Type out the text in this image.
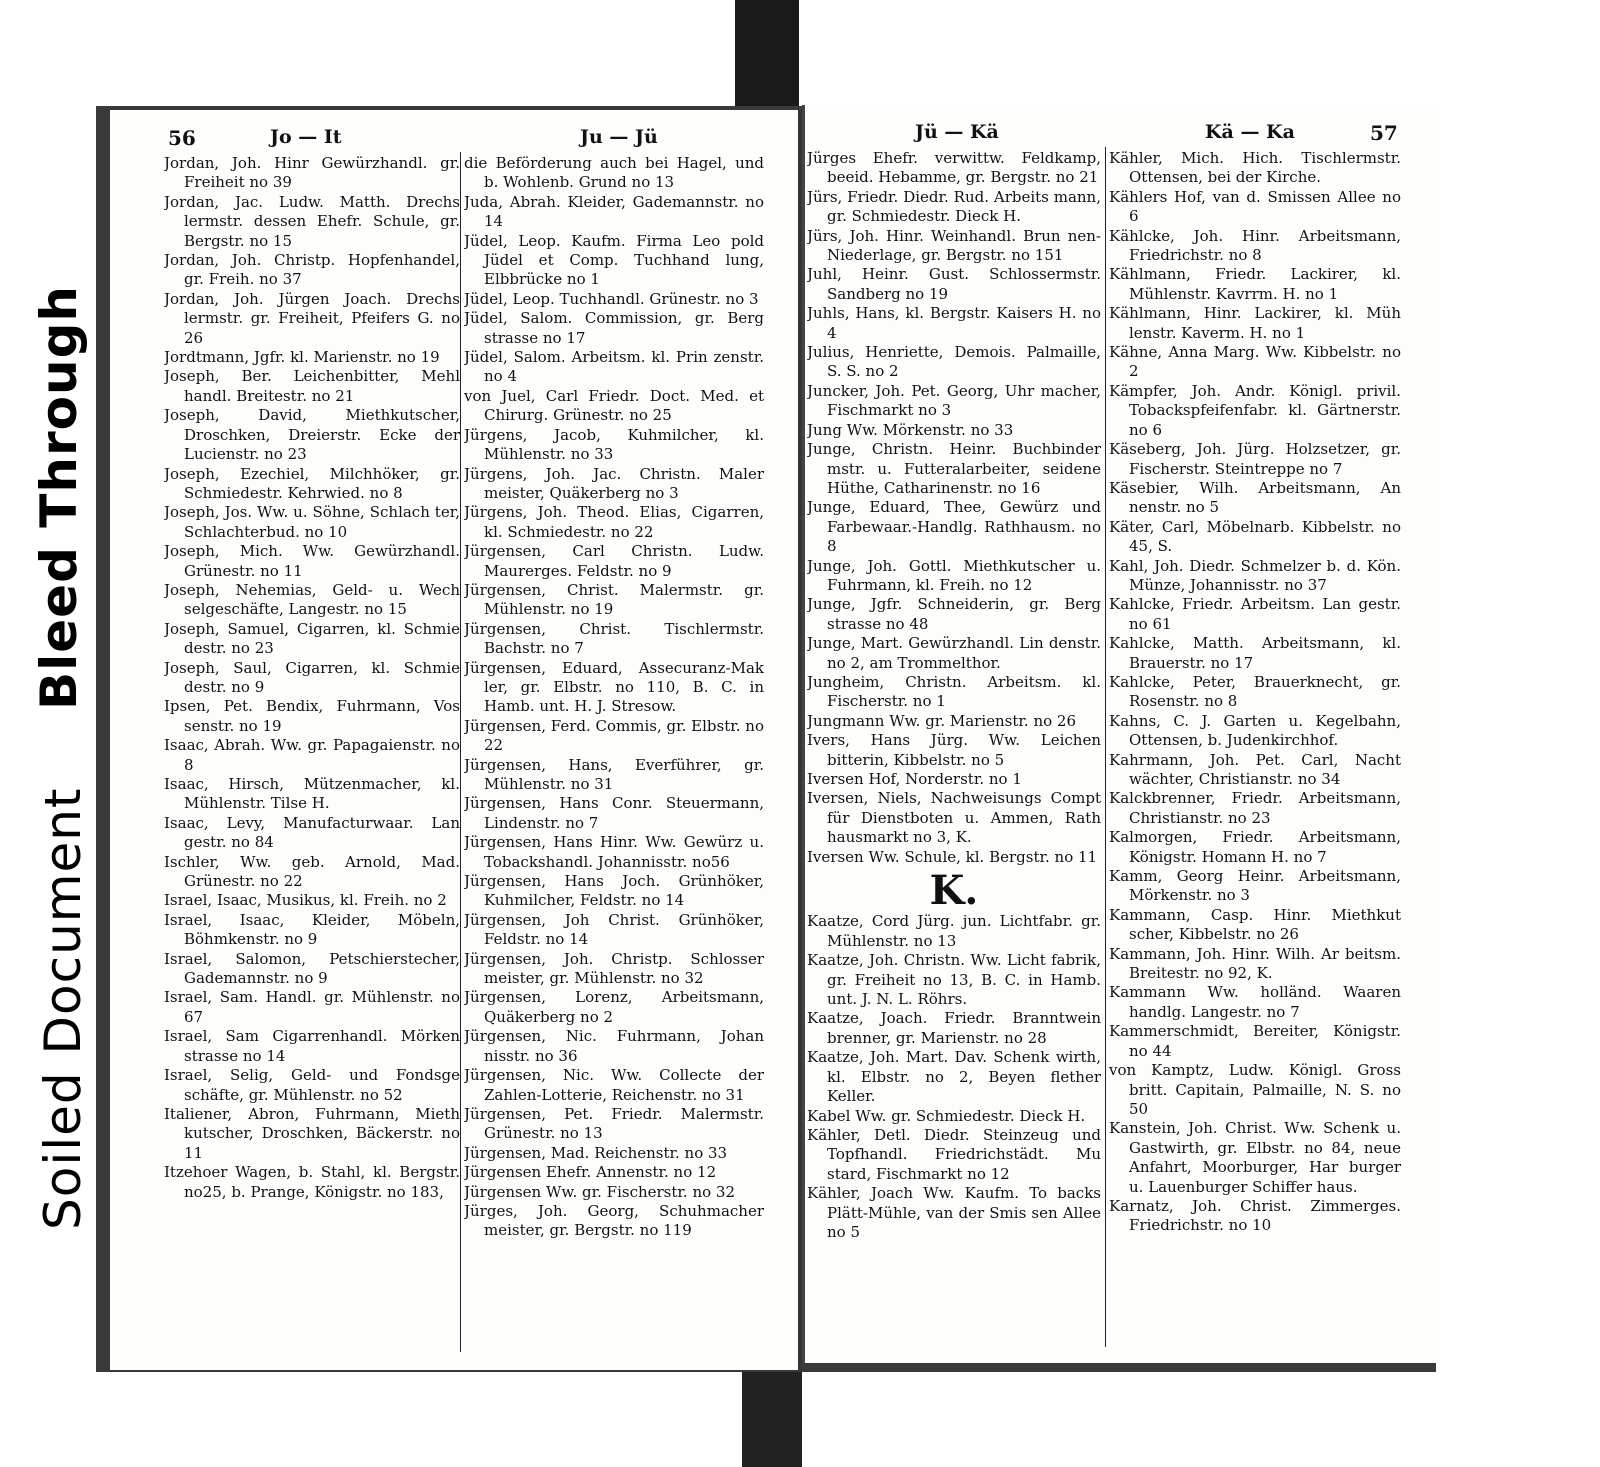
Bleed Through
Soiled Document
56	Jo — It	Ju — Jü
Jordan, Joh. Hinr Gewürzhandl. gr. Freiheit no 39
Jordan, Jac. Ludw. Matth. Drechs lermstr. dessen Ehefr. Schule, gr. Bergstr. no 15
Jordan, Joh. Christp. Hopfenhandel, gr. Freih. no 37
Jordan, Joh. Jürgen Joach. Drechs lermstr. gr. Freiheit, Pfeifers G. no 26
Jordtmann, Jgfr. kl. Marienstr. no 19
Joseph, Ber. Leichenbitter, Mehl handl. Breitestr. no 21
Joseph, David, Miethkutscher, Droschken, Dreierstr. Ecke der Lucienstr. no 23
Joseph, Ezechiel, Milchhöker, gr. Schmiedestr. Kehrwied. no 8
Joseph, Jos. Ww. u. Söhne, Schlach ter, Schlachterbud. no 10
Joseph, Mich. Ww. Gewürzhandl. Grünestr. no 11
Joseph, Nehemias, Geld- u. Wech selgeschäfte, Langestr. no 15
Joseph, Samuel, Cigarren, kl. Schmie destr. no 23
Joseph, Saul, Cigarren, kl. Schmie destr. no 9
Ipsen, Pet. Bendix, Fuhrmann, Vos senstr. no 19
Isaac, Abrah. Ww. gr. Papagaienstr. no 8
Isaac, Hirsch, Mützenmacher, kl. Mühlenstr. Tilse H.
Isaac, Levy, Manufacturwaar. Lan gestr. no 84
Ischler, Ww. geb. Arnold, Mad. Grünestr. no 22
Israel, Isaac, Musikus, kl. Freih. no 2
Israel, Isaac, Kleider, Möbeln, Böhmkenstr. no 9
Israel, Salomon, Petschierstecher, Gademannstr. no 9
Israel, Sam. Handl. gr. Mühlenstr. no 67
Israel, Sam Cigarrenhandl. Mörken strasse no 14
Israel, Selig, Geld- und Fondsge schäfte, gr. Mühlenstr. no 52
Italiener, Abron, Fuhrmann, Mieth kutscher, Droschken, Bäckerstr. no 11
Itzehoer Wagen, b. Stahl, kl. Bergstr. no25, b. Prange, Königstr. no 183,
die Beförderung auch bei Hagel, und b. Wohlenb. Grund no 13
Juda, Abrah. Kleider, Gademannstr. no 14
Jüdel, Leop. Kaufm. Firma Leo pold Jüdel et Comp. Tuchhand lung, Elbbrücke no 1
Jüdel, Leop. Tuchhandl. Grünestr. no 3
Jüdel, Salom. Commission, gr. Berg strasse no 17
Jüdel, Salom. Arbeitsm. kl. Prin zenstr. no 4
von Juel, Carl Friedr. Doct. Med. et Chirurg. Grünestr. no 25
Jürgens, Jacob, Kuhmilcher, kl. Mühlenstr. no 33
Jürgens, Joh. Jac. Christn. Maler meister, Quäkerberg no 3
Jürgens, Joh. Theod. Elias, Cigarren, kl. Schmiedestr. no 22
Jürgensen, Carl Christn. Ludw. Maurerges. Feldstr. no 9
Jürgensen, Christ. Malermstr. gr. Mühlenstr. no 19
Jürgensen, Christ. Tischlermstr. Bachstr. no 7
Jürgensen, Eduard, Assecuranz-Mak ler, gr. Elbstr. no 110, B. C. in Hamb. unt. H. J. Stresow.
Jürgensen, Ferd. Commis, gr. Elbstr. no 22
Jürgensen, Hans, Everführer, gr. Mühlenstr. no 31
Jürgensen, Hans Conr. Steuermann, Lindenstr. no 7
Jürgensen, Hans Hinr. Ww. Gewürz u. Tobackshandl. Johannisstr. no56
Jürgensen, Hans Joch. Grünhöker, Kuhmilcher, Feldstr. no 14
Jürgensen, Joh Christ. Grünhöker, Feldstr. no 14
Jürgensen, Joh. Christp. Schlosser meister, gr. Mühlenstr. no 32
Jürgensen, Lorenz, Arbeitsmann, Quäkerberg no 2
Jürgensen, Nic. Fuhrmann, Johan nisstr. no 36
Jürgensen, Nic. Ww. Collecte der Zahlen-Lotterie, Reichenstr. no 31
Jürgensen, Pet. Friedr. Malermstr. Grünestr. no 13
Jürgensen, Mad. Reichenstr. no 33
Jürgensen Ehefr. Annenstr. no 12
Jürgensen Ww. gr. Fischerstr. no 32
Jürges, Joh. Georg, Schuhmacher meister, gr. Bergstr. no 119
Jü — Kä	Kä — Ka	57
Jürges Ehefr. verwittw. Feldkamp, beeid. Hebamme, gr. Bergstr. no 21
Jürs, Friedr. Diedr. Rud. Arbeits mann, gr. Schmiedestr. Dieck H.
Jürs, Joh. Hinr. Weinhandl. Brun nen-Niederlage, gr. Bergstr. no 151
Juhl, Heinr. Gust. Schlossermstr. Sandberg no 19
Juhls, Hans, kl. Bergstr. Kaisers H. no 4
Julius, Henriette, Demois. Palmaille, S. S. no 2
Juncker, Joh. Pet. Georg, Uhr macher, Fischmarkt no 3
Jung Ww. Mörkenstr. no 33
Junge, Christn. Heinr. Buchbinder mstr. u. Futteralarbeiter, seidene Hüthe, Catharinenstr. no 16
Junge, Eduard, Thee, Gewürz und Farbewaar.-Handlg. Rathhausm. no 8
Junge, Joh. Gottl. Miethkutscher u. Fuhrmann, kl. Freih. no 12
Junge, Jgfr. Schneiderin, gr. Berg strasse no 48
Junge, Mart. Gewürzhandl. Lin denstr. no 2, am Trommelthor.
Jungheim, Christn. Arbeitsm. kl. Fischerstr. no 1
Jungmann Ww. gr. Marienstr. no 26
Ivers, Hans Jürg. Ww. Leichen bitterin, Kibbelstr. no 5
Iversen Hof, Norderstr. no 1
Iversen, Niels, Nachweisungs Compt für Dienstboten u. Ammen, Rath hausmarkt no 3, K.
Iversen Ww. Schule, kl. Bergstr. no 11
K.
Kaatze, Cord Jürg. jun. Lichtfabr. gr. Mühlenstr. no 13
Kaatze, Joh. Christn. Ww. Licht fabrik, gr. Freiheit no 13, B. C. in Hamb. unt. J. N. L. Röhrs.
Kaatze, Joach. Friedr. Branntwein brenner, gr. Marienstr. no 28
Kaatze, Joh. Mart. Dav. Schenk wirth, kl. Elbstr. no 2, Beyen flether Keller.
Kabel Ww. gr. Schmiedestr. Dieck H.
Kähler, Detl. Diedr. Steinzeug und Topfhandl. Friedrichstädt. Mu stard, Fischmarkt no 12
Kähler, Joach Ww. Kaufm. To backs Plätt-Mühle, van der Smis sen Allee no 5
Kähler, Mich. Hich. Tischlermstr. Ottensen, bei der Kirche.
Kählers Hof, van d. Smissen Allee no 6
Kählcke, Joh. Hinr. Arbeitsmann, Friedrichstr. no 8
Kählmann, Friedr. Lackirer, kl. Mühlenstr. Kavrrm. H. no 1
Kählmann, Hinr. Lackirer, kl. Müh lenstr. Kaverm. H. no 1
Kähne, Anna Marg. Ww. Kibbelstr. no 2
Kämpfer, Joh. Andr. Königl. privil. Tobackspfeifenfabr. kl. Gärtnerstr. no 6
Käseberg, Joh. Jürg. Holzsetzer, gr. Fischerstr. Steintreppe no 7
Käsebier, Wilh. Arbeitsmann, An nenstr. no 5
Käter, Carl, Möbelnarb. Kibbelstr. no 45, S.
Kahl, Joh. Diedr. Schmelzer b. d. Kön. Münze, Johannisstr. no 37
Kahlcke, Friedr. Arbeitsm. Lan gestr. no 61
Kahlcke, Matth. Arbeitsmann, kl. Brauerstr. no 17
Kahlcke, Peter, Brauerknecht, gr. Rosenstr. no 8
Kahns, C. J. Garten u. Kegelbahn, Ottensen, b. Judenkirchhof.
Kahrmann, Joh. Pet. Carl, Nacht wächter, Christianstr. no 34
Kalckbrenner, Friedr. Arbeitsmann, Christianstr. no 23
Kalmorgen, Friedr. Arbeitsmann, Königstr. Homann H. no 7
Kamm, Georg Heinr. Arbeitsmann, Mörkenstr. no 3
Kammann, Casp. Hinr. Miethkut scher, Kibbelstr. no 26
Kammann, Joh. Hinr. Wilh. Ar beitsm. Breitestr. no 92, K.
Kammann Ww. holländ. Waaren handlg. Langestr. no 7
Kammerschmidt, Bereiter, Königstr. no 44
von Kamptz, Ludw. Königl. Gross britt. Capitain, Palmaille, N. S. no 50
Kanstein, Joh. Christ. Ww. Schenk u. Gastwirth, gr. Elbstr. no 84, neue Anfahrt, Moorburger, Har burger u. Lauenburger Schiffer haus.
Karnatz, Joh. Christ. Zimmerges. Friedrichstr. no 10
